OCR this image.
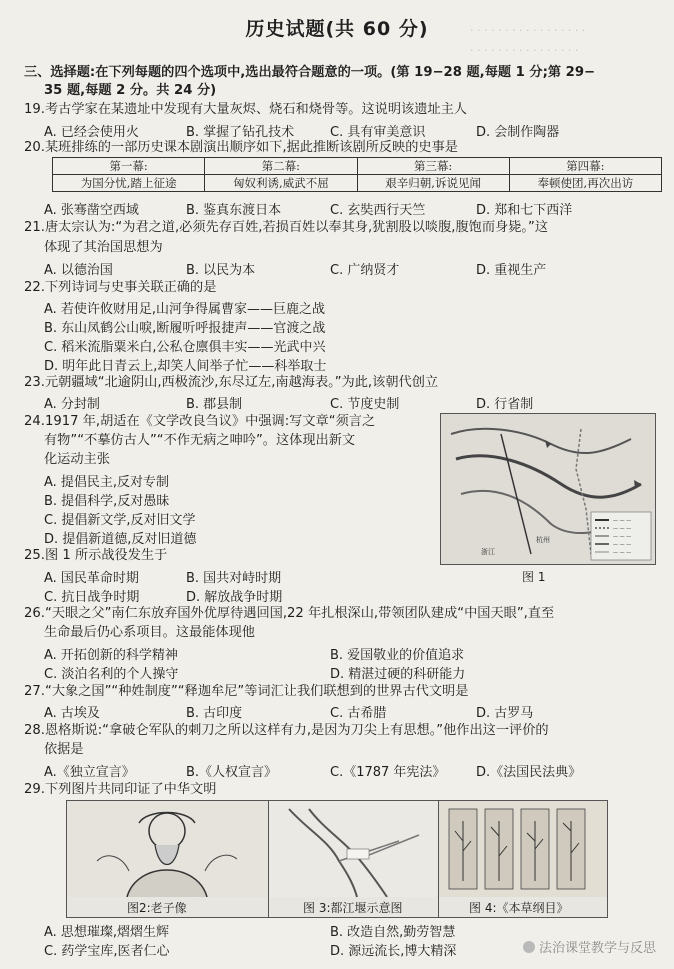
· · · · · · · · · · · · · · · · ·
· · · · · · · · · · · · · · · ·
历史试题(共 60 分)
三、选择题:在下列每题的四个选项中,选出最符合题意的一项。(第 19−28 题,每题 1 分;第 29−
35 题,每题 2 分。共 24 分)
19.考古学家在某遗址中发现有大量灰烬、烧石和烧骨等。这说明该遗址主人
A. 已经会使用火	B. 掌握了钻孔技术	C. 具有审美意识	D. 会制作陶器
20.某班排练的一部历史课本剧演出顺序如下,据此推断该剧所反映的史事是
第一幕:	第二幕:	第三幕:	第四幕:
为国分忧,踏上征途	匈奴利诱,威武不屈	艰辛归朝,诉说见闻	奉顿使团,再次出访
A. 张骞凿空西域	B. 鉴真东渡日本	C. 玄奘西行天竺	D. 郑和七下西洋
21.唐太宗认为:“为君之道,必须先存百姓,若损百姓以奉其身,犹割股以啖腹,腹饱而身毙。”这
体现了其治国思想为
A. 以德治国	B. 以民为本	C. 广纳贤才	D. 重视生产
22.下列诗词与史事关联正确的是
A. 若使许攸财用足,山河争得属曹家——巨鹿之战
B. 东山凤鹤公山唳,断履听呼报捷声——官渡之战
C. 稻米流脂粟米白,公私仓廪俱丰实——光武中兴
D. 明年此日青云上,却笑人间举子忙——科举取士
23.元朝疆域“北逾阴山,西极流沙,东尽辽左,南越海表。”为此,该朝代创立
A. 分封制	B. 郡县制	C. 节度史制	D. 行省制
24.1917 年,胡适在《文学改良刍议》中强调:写文章“须言之
有物”“不摹仿古人”“不作无病之呻吟”。这体现出新文
化运动主张
A. 提倡民主,反对专制
B. 提倡科学,反对愚昧
C. 提倡新文学,反对旧文学
D. 提倡新道德,反对旧道德
— — —
— — —
— — —
— — —
— — —
杭州
浙江
图 1
25.图 1 所示战役发生于
A. 国民革命时期	B. 国共对峙时期
C. 抗日战争时期	D. 解放战争时期
26.“天眼之父”南仁东放弃国外优厚待遇回国,22 年扎根深山,带领团队建成“中国天眼”,直至
生命最后仍心系项目。这最能体现他
A. 开拓创新的科学精神	B. 爱国敬业的价值追求
C. 淡泊名利的个人操守	D. 精湛过硬的科研能力
27.“大象之国”“种姓制度”“释迦牟尼”等词汇让我们联想到的世界古代文明是
A. 古埃及	B. 古印度	C. 古希腊	D. 古罗马
28.恩格斯说:“拿破仑军队的刺刀之所以这样有力,是因为刀尖上有思想。”他作出这一评价的
依据是
A.《独立宣言》	B.《人权宣言》	C.《1787 年宪法》 D.《法国民法典》
29.下列图片共同印证了中华文明
图2:老子像	图 3:都江堰示意图	图 4:《本草纲目》
A. 思想璀璨,熠熠生辉	B. 改造自然,勤劳智慧
C. 药学宝库,医者仁心	D. 源远流长,博大精深	法治课堂教学与反思
